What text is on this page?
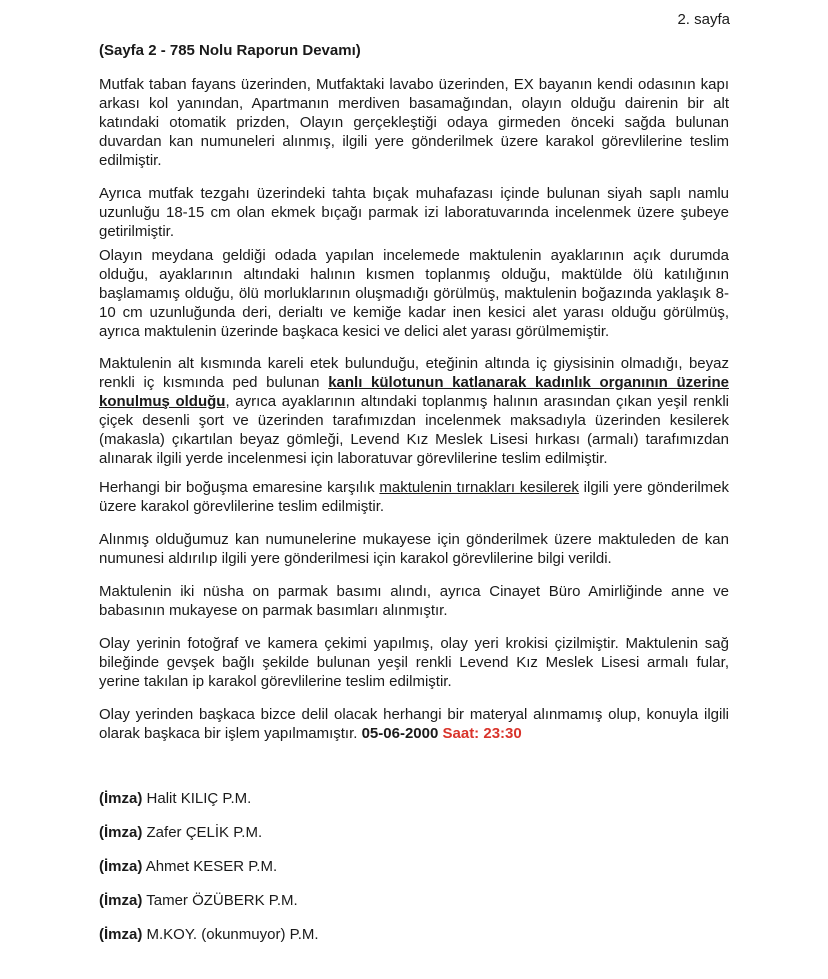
2. sayfa
(Sayfa 2 - 785 Nolu Raporun Devamı)

Mutfak taban fayans üzerinden, Mutfaktaki lavabo üzerinden, EX bayanın kendi odasının kapı arkası kol yanından, Apartmanın merdiven basamağından, olayın olduğu dairenin bir alt katındaki otomatik prizden, Olayın gerçekleştiği odaya girmeden önceki sağda bulunan duvardan kan numuneleri alınmış, ilgili yere gönderilmek üzere karakol görevlilerine teslim edilmiştir.

Ayrıca mutfak tezgahı üzerindeki tahta bıçak muhafazası içinde bulunan siyah saplı namlu uzunluğu 18-15 cm olan ekmek bıçağı parmak izi laboratuvarında incelenmek üzere şubeye getirilmiştir.

Olayın meydana geldiği odada yapılan incelemede maktulenin ayaklarının açık durumda olduğu, ayaklarının altındaki halının kısmen toplanmış olduğu, maktülde ölü katılığının başlamamış olduğu, ölü morluklarının oluşmadığı görülmüş, maktulenin boğazında yaklaşık 8-10 cm uzunluğunda deri, derialtı ve kemiğe kadar inen kesici alet yarası olduğu görülmüş, ayrıca maktulenin üzerinde başkaca kesici ve delici alet yarası görülmemiştir.

Maktulenin alt kısmında kareli etek bulunduğu, eteğinin altında iç giysisinin olmadığı, beyaz renkli iç kısmında ped bulunan kanlı külotunun katlanarak kadınlık organının üzerine konulmuş olduğu, ayrıca ayaklarının altındaki toplanmış halının arasından çıkan yeşil renkli çiçek desenli şort ve üzerinden tarafımızdan incelenmek maksadıyla üzerinden kesilerek (makasla) çıkartılan beyaz gömleği, Levend Kız Meslek Lisesi hırkası (armalı) tarafımızdan alınarak ilgili yerde incelenmesi için laboratuvar görevlilerine teslim edilmiştir.

Herhangi bir boğuşma emaresine karşılık maktulenin tırnakları kesilerek ilgili yere gönderilmek üzere karakol görevlilerine teslim edilmiştir.

Alınmış olduğumuz kan numunelerine mukayese için gönderilmek üzere maktuleden de kan numunesi aldırılıp ilgili yere gönderilmesi için karakol görevlilerine bilgi verildi.

Maktulenin iki nüsha on parmak basımı alındı, ayrıca Cinayet Büro Amirliğinde anne ve babasının mukayese on parmak basımları alınmıştır.

Olay yerinin fotoğraf ve kamera çekimi yapılmış, olay yeri krokisi çizilmiştir. Maktulenin sağ bileğinde gevşek bağlı şekilde bulunan yeşil renkli Levend Kız Meslek Lisesi armalı fular, yerine takılan ip karakol görevlilerine teslim edilmiştir.

Olay yerinden başkaca bizce delil olacak herhangi bir materyal alınmamış olup, konuyla ilgili olarak başkaca bir işlem yapılmamıştır. 05-06-2000 Saat: 23:30

(İmza) Halit KILIÇ P.M.
(İmza) Zafer ÇELİK P.M.
(İmza) Ahmet KESER P.M.
(İmza) Tamer ÖZÜBERK P.M.
(İmza) M.KOY. (okunmuyor) P.M.
